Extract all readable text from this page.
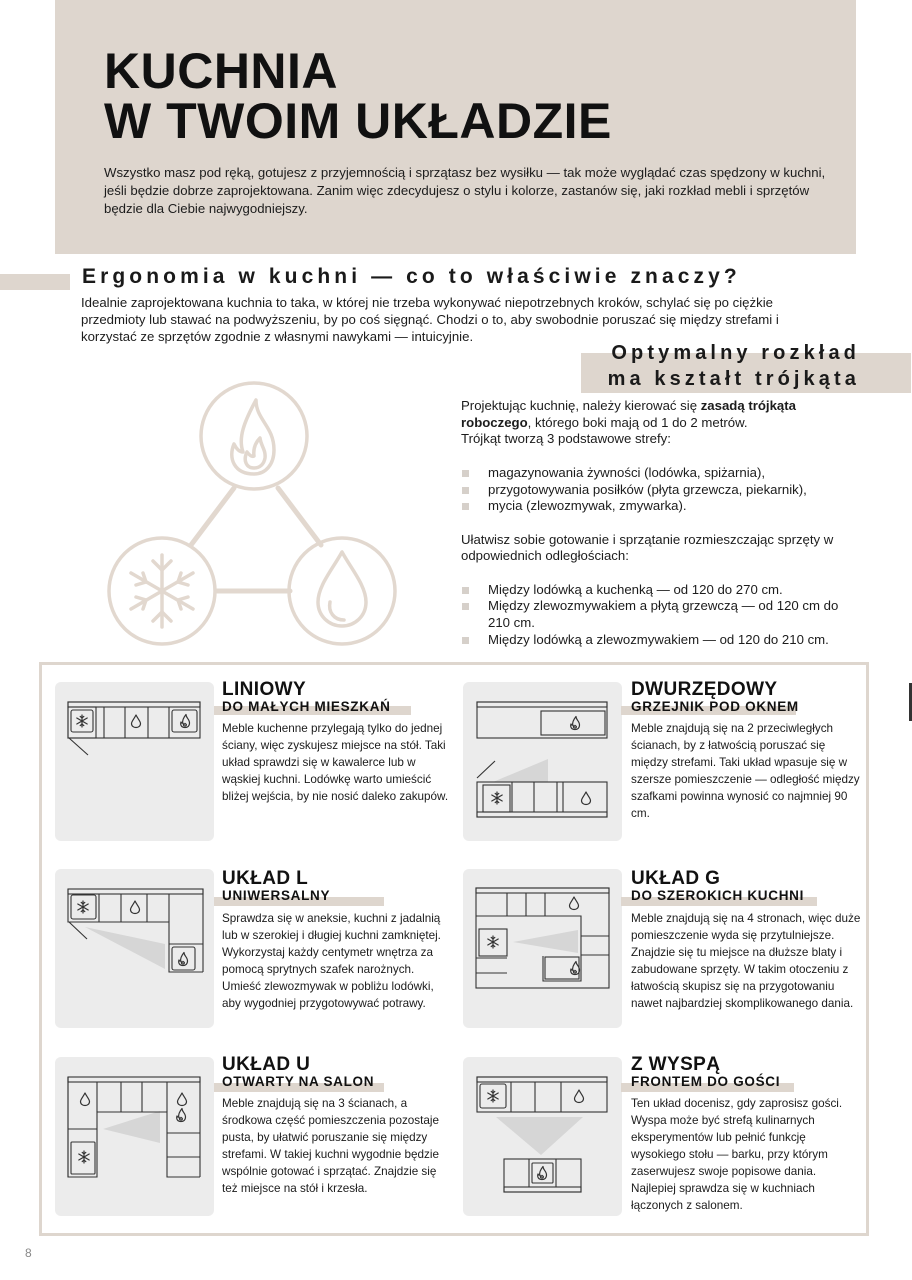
KUCHNIA
W TWOIM UKŁADZIE

Wszystko masz pod ręką, gotujesz z przyjemnością i sprzątasz bez wysiłku — tak może wyglądać czas spędzony w kuchni, jeśli będzie dobrze zaprojektowana. Zanim więc zdecydujesz o stylu i kolorze, zastanów się, jaki rozkład mebli i sprzętów będzie dla Ciebie najwygodniejszy.

Ergonomia w kuchni — co to właściwie znaczy?

Idealnie zaprojektowana kuchnia to taka, w której nie trzeba wykonywać niepotrzebnych kroków, schylać się po ciężkie przedmioty lub stawać na podwyższeniu, by po coś sięgnąć. Chodzi o to, aby swobodnie poruszać się między strefami i korzystać ze sprzętów zgodnie z własnymi nawykami — intuicyjnie.

Optymalny rozkład
ma kształt trójkąta

Projektując kuchnię, należy kierować się zasadą trójkąta roboczego, którego boki mają od 1 do 2 metrów.

Trójkąt tworzą 3 podstawowe strefy:

magazynowania żywności (lodówka, spiżarnia),
przygotowywania posiłków (płyta grzewcza, piekarnik),
mycia (zlewozmywak, zmywarka).

Ułatwisz sobie gotowanie i sprzątanie rozmieszczając sprzęty w odpowiednich odległościach:

Między lodówką a kuchenką — od 120 do 270 cm.
Między zlewozmywakiem a płytą grzewczą — od 120 cm do 210 cm.
Między lodówką a zlewozmywakiem — od 120 do 210 cm.
LINIOWY
DO MAŁYCH MIESZKAŃ

Meble kuchenne przylegają tylko do jednej ściany, więc zyskujesz miejsce na stół. Taki układ sprawdzi się w kawalerce lub w wąskiej kuchni. Lodówkę warto umieścić bliżej wejścia, by nie nosić daleko zakupów.

DWURZĘDOWY
GRZEJNIK POD OKNEM

Meble znajdują się na 2 przeciwległych ścianach, by z łatwością poruszać się między strefami. Taki układ wpasuje się w szersze pomieszczenie — odległość między szafkami powinna wynosić co najmniej 90 cm.

UKŁAD L
UNIWERSALNY

Sprawdza się w aneksie, kuchni z jadalnią lub w szerokiej i długiej kuchni zamkniętej. Wykorzystaj każdy centymetr wnętrza za pomocą sprytnych szafek narożnych. Umieść zlewozmywak w pobliżu lodówki, aby wygodniej przygotowywać potrawy.

UKŁAD G
DO SZEROKICH KUCHNI

Meble znajdują się na 4 stronach, więc duże pomieszczenie wyda się przytulniejsze. Znajdzie się tu miejsce na dłuższe blaty i zabudowane sprzęty. W takim otoczeniu z łatwością skupisz się na przygotowaniu nawet najbardziej skomplikowanego dania.

UKŁAD U
OTWARTY NA SALON

Meble znajdują się na 3 ścianach, a środkowa część pomieszczenia pozostaje pusta, by ułatwić poruszanie się między strefami. W takiej kuchni wygodnie będzie wspólnie gotować i sprzątać. Znajdzie się też miejsce na stół i krzesła.

Z WYSPĄ
FRONTEM DO GOŚCI

Ten układ docenisz, gdy zaprosisz gości. Wyspa może być strefą kulinarnych eksperymentów lub pełnić funkcję wysokiego stołu — barku, przy którym zaserwujesz swoje popisowe dania. Najlepiej sprawdza się w kuchniach łączonych z salonem.

8
